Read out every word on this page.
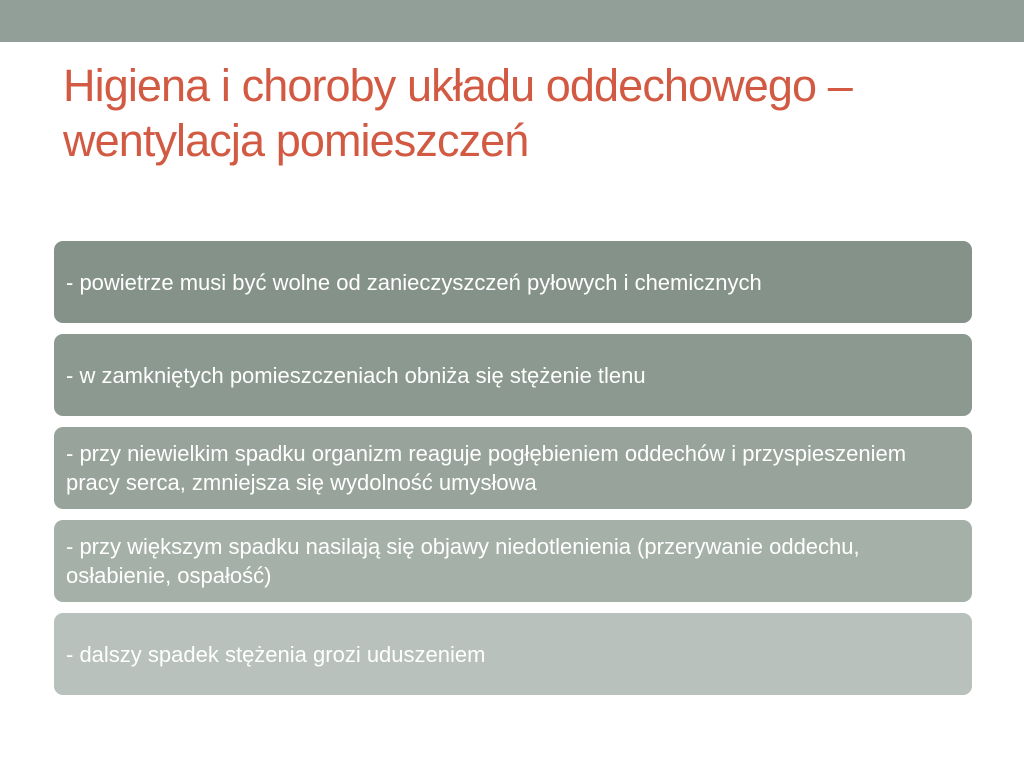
Higiena i choroby układu oddechowego –
wentylacja pomieszczeń
- powietrze musi być wolne od zanieczyszczeń pyłowych i chemicznych
- w zamkniętych pomieszczeniach obniża się stężenie tlenu
- przy niewielkim spadku organizm reaguje pogłębieniem oddechów i przyspieszeniem pracy serca, zmniejsza się wydolność umysłowa
- przy większym spadku nasilają się objawy niedotlenienia (przerywanie oddechu, osłabienie, ospałość)
- dalszy spadek stężenia grozi uduszeniem
